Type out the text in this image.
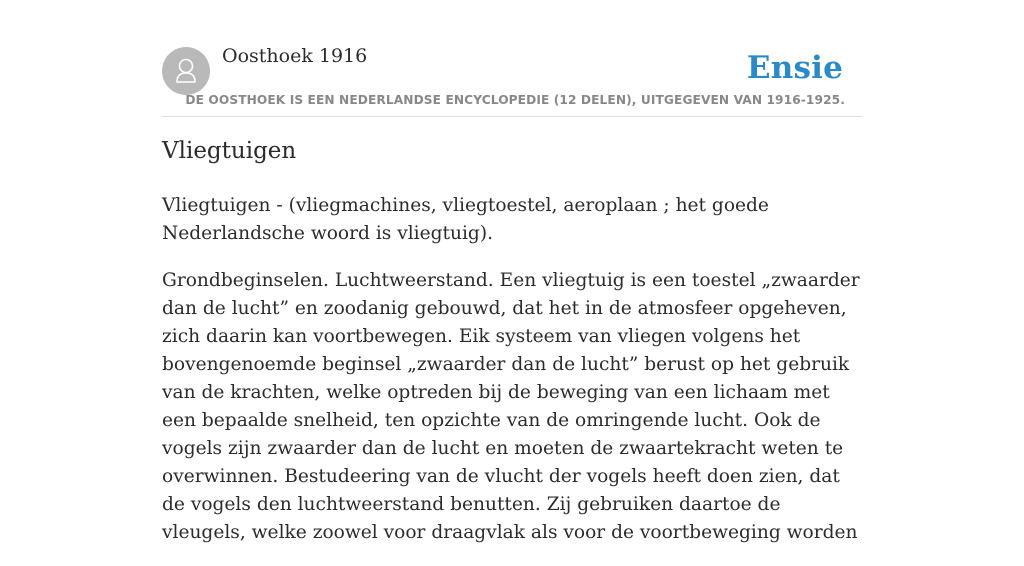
Oosthoek 1916	Ensie
DE OOSTHOEK IS EEN NEDERLANDSE ENCYCLOPEDIE (12 DELEN), UITGEGEVEN VAN 1916-1925.
Vliegtuigen

Vliegtuigen - (vliegmachines, vliegtoestel, aeroplaan ; het goede Nederlandsche woord is vliegtuig).

Grondbeginselen. Luchtweerstand. Een vliegtuig is een toestel „zwaarder dan de lucht” en zoodanig gebouwd, dat het in de atmosfeer opgeheven, zich daarin kan voortbewegen. Eik systeem van vliegen volgens het bovengenoemde beginsel „zwaarder dan de lucht” berust op het gebruik van de krachten, welke optreden bij de beweging van een lichaam met een bepaalde snelheid, ten opzichte van de omringende lucht. Ook de vogels zijn zwaarder dan de lucht en moeten de zwaartekracht weten te overwinnen. Bestudeering van de vlucht der vogels heeft doen zien, dat de vogels den luchtweerstand benutten. Zij gebruiken daartoe de vleugels, welke zoowel voor draagvlak als voor de voortbeweging worden
